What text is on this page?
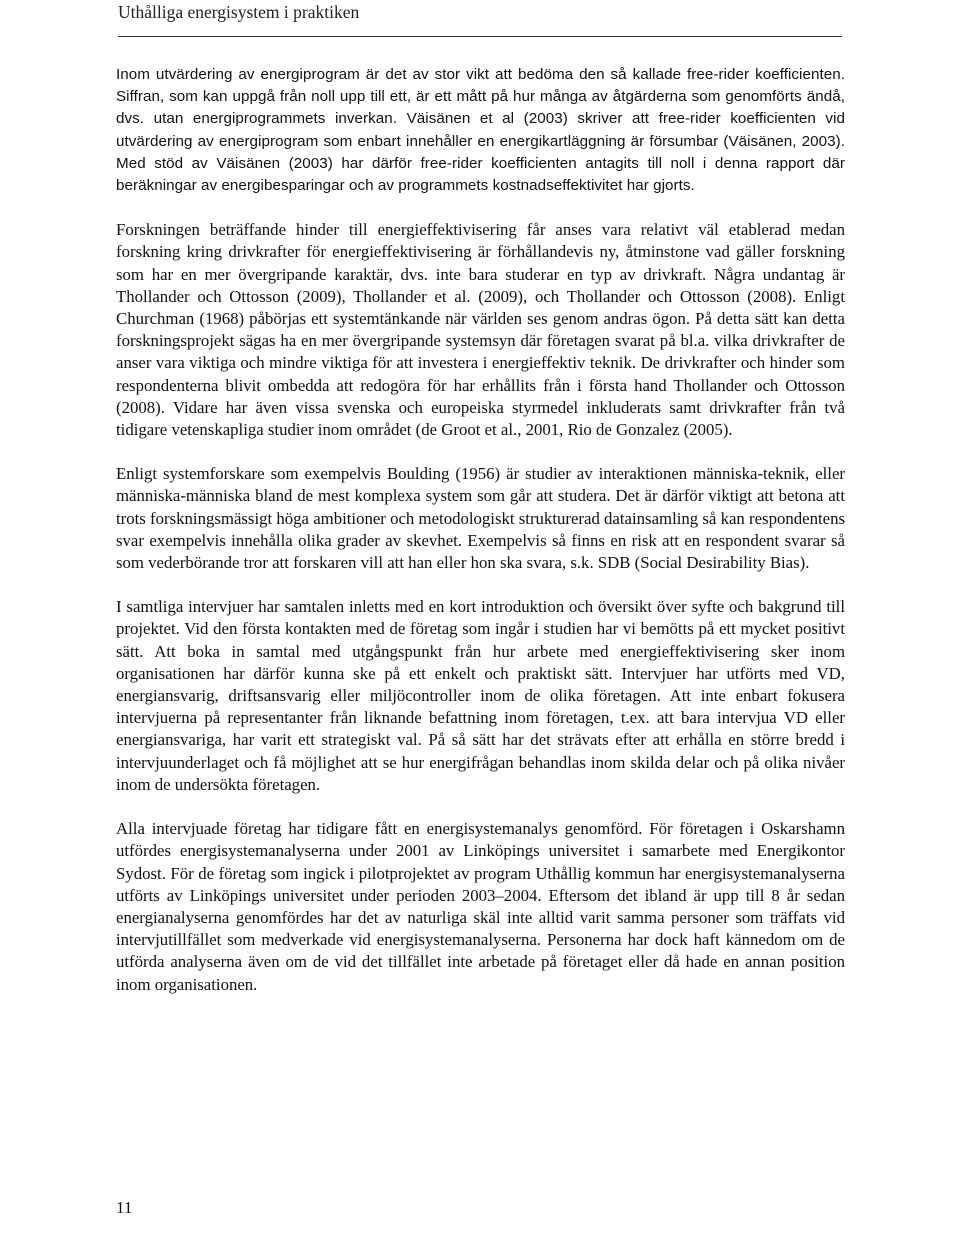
Uthålliga energisystem i praktiken

Inom utvärdering av energiprogram är det av stor vikt att bedöma den så kallade free-rider koefficienten. Siffran, som kan uppgå från noll upp till ett, är ett mått på hur många av åtgärderna som genomförts ändå, dvs. utan energiprogrammets inverkan. Väisänen et al (2003) skriver att free-rider koefficienten vid utvärdering av energiprogram som enbart innehåller en energikartläggning är försumbar (Väisänen, 2003). Med stöd av Väisänen (2003) har därför free-rider koefficienten antagits till noll i denna rapport där beräkningar av energibesparingar och av programmets kostnadseffektivitet har gjorts.

Forskningen beträffande hinder till energieffektivisering får anses vara relativt väl etablerad medan forskning kring drivkrafter för energieffektivisering är förhållandevis ny, åtminstone vad gäller forskning som har en mer övergripande karaktär, dvs. inte bara studerar en typ av drivkraft. Några undantag är Thollander och Ottosson (2009), Thollander et al. (2009), och Thollander och Ottosson (2008). Enligt Churchman (1968) påbörjas ett systemtänkande när världen ses genom andras ögon. På detta sätt kan detta forskningsprojekt sägas ha en mer övergripande systemsyn där företagen svarat på bl.a. vilka drivkrafter de anser vara viktiga och mindre viktiga för att investera i energieffektiv teknik. De drivkrafter och hinder som respondenterna blivit ombedda att redogöra för har erhållits från i första hand Thollander och Ottosson (2008). Vidare har även vissa svenska och europeiska styrmedel inkluderats samt drivkrafter från två tidigare vetenskapliga studier inom området (de Groot et al., 2001, Rio de Gonzalez (2005).

Enligt systemforskare som exempelvis Boulding (1956) är studier av interaktionen människa-teknik, eller människa-människa bland de mest komplexa system som går att studera. Det är därför viktigt att betona att trots forskningsmässigt höga ambitioner och metodologiskt strukturerad datainsamling så kan respondentens svar exempelvis innehålla olika grader av skevhet. Exempelvis så finns en risk att en respondent svarar så som vederbörande tror att forskaren vill att han eller hon ska svara, s.k. SDB (Social Desirability Bias).

I samtliga intervjuer har samtalen inletts med en kort introduktion och översikt över syfte och bakgrund till projektet. Vid den första kontakten med de företag som ingår i studien har vi bemötts på ett mycket positivt sätt. Att boka in samtal med utgångspunkt från hur arbete med energieffektivisering sker inom organisationen har därför kunna ske på ett enkelt och praktiskt sätt. Intervjuer har utförts med VD, energiansvarig, driftsansvarig eller miljöcontroller inom de olika företagen. Att inte enbart fokusera intervjuerna på representanter från liknande befattning inom företagen, t.ex. att bara intervjua VD eller energiansvariga, har varit ett strategiskt val. På så sätt har det strävats efter att erhålla en större bredd i intervjuunderlaget och få möjlighet att se hur energifrågan behandlas inom skilda delar och på olika nivåer inom de undersökta företagen.

Alla intervjuade företag har tidigare fått en energisystemanalys genomförd. För företagen i Oskarshamn utfördes energisystemanalyserna under 2001 av Linköpings universitet i samarbete med Energikontor Sydost. För de företag som ingick i pilotprojektet av program Uthållig kommun har energisystemanalyserna utförts av Linköpings universitet under perioden 2003–2004. Eftersom det ibland är upp till 8 år sedan energianalyserna genomfördes har det av naturliga skäl inte alltid varit samma personer som träffats vid intervjutillfället som medverkade vid energisystemanalyserna. Personerna har dock haft kännedom om de utförda analyserna även om de vid det tillfället inte arbetade på företaget eller då hade en annan position inom organisationen.

11
